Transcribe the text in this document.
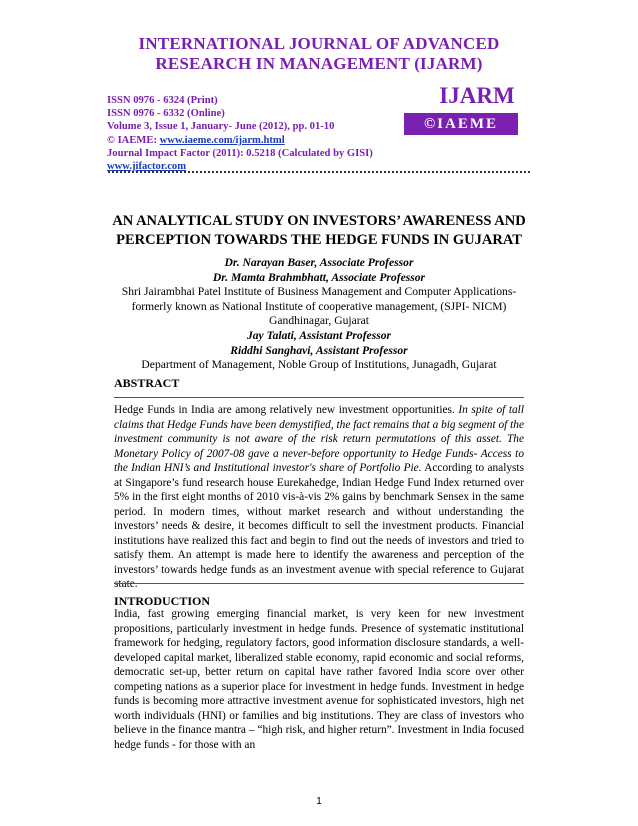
INTERNATIONAL JOURNAL OF ADVANCED
RESEARCH IN MANAGEMENT (IJARM)
ISSN 0976 - 6324 (Print)
ISSN 0976 - 6332 (Online)
Volume 3, Issue 1, January- June (2012), pp. 01-10
© IAEME: www.iaeme.com/ijarm.html
Journal Impact Factor (2011): 0.5218 (Calculated by GISI)
www.jifactor.com
IJARM
©IAEME
AN ANALYTICAL STUDY ON INVESTORS’ AWARENESS AND
PERCEPTION TOWARDS THE HEDGE FUNDS IN GUJARAT
Dr. Narayan Baser, Associate Professor
Dr. Mamta Brahmbhatt, Associate Professor
Shri Jairambhai Patel Institute of Business Management and Computer Applications-
formerly known as National Institute of cooperative management, (SJPI- NICM)
Gandhinagar, Gujarat
Jay Talati, Assistant Professor
Riddhi Sanghavi, Assistant Professor
Department of Management, Noble Group of Institutions, Junagadh, Gujarat
ABSTRACT
Hedge Funds in India are among relatively new investment opportunities. In spite of tall claims that Hedge Funds have been demystified, the fact remains that a big segment of the investment community is not aware of the risk return permutations of this asset. The Monetary Policy of 2007-08 gave a never-before opportunity to Hedge Funds- Access to the Indian HNI’s and Institutional investor's share of Portfolio Pie. According to analysts at Singapore’s fund research house Eurekahedge, Indian Hedge Fund Index returned over 5% in the first eight months of 2010 vis-à-vis 2% gains by benchmark Sensex in the same period. In modern times, without market research and without understanding the investors’ needs & desire, it becomes difficult to sell the investment products. Financial institutions have realized this fact and begin to find out the needs of investors and tried to satisfy them. An attempt is made here to identify the awareness and perception of the investors’ towards hedge funds as an investment avenue with special reference to Gujarat state.
INTRODUCTION
India, fast growing emerging financial market, is very keen for new investment propositions, particularly investment in hedge funds. Presence of systematic institutional framework for hedging, regulatory factors, good information disclosure standards, a well-developed capital market, liberalized stable economy, rapid economic and social reforms, democratic set-up, better return on capital have rather favored India score over other competing nations as a superior place for investment in hedge funds. Investment in hedge funds is becoming more attractive investment avenue for sophisticated investors, high net worth individuals (HNI) or families and big institutions. They are class of investors who believe in the finance mantra – “high risk, and higher return”. Investment in India focused hedge funds - for those with an
1
